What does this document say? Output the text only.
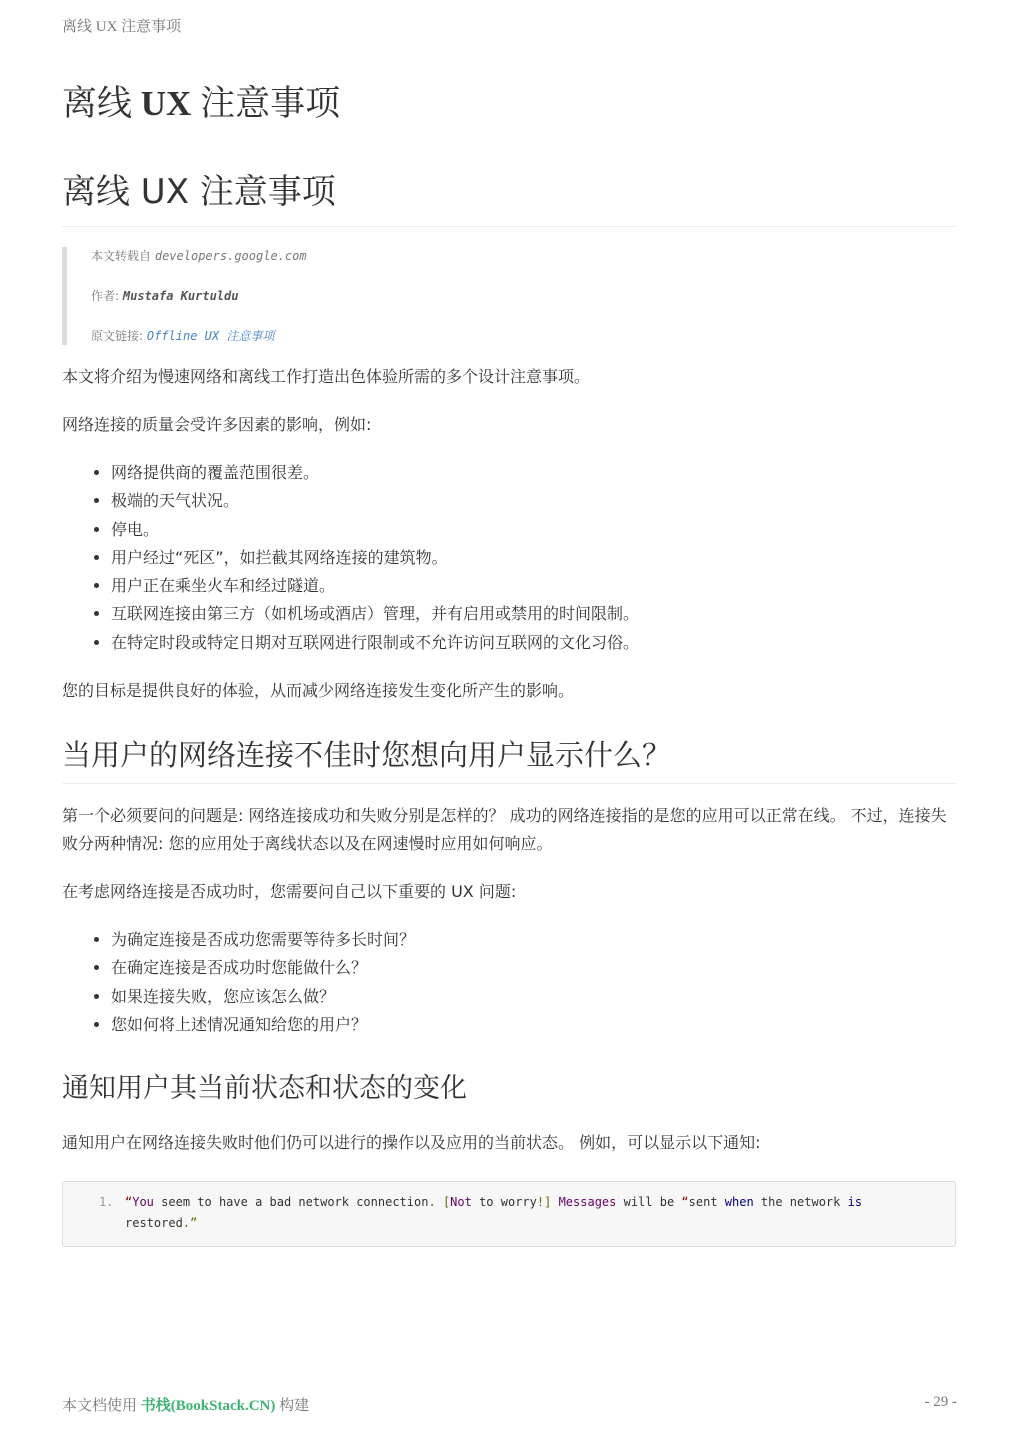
离线 UX 注意事项
离线 UX 注意事项
离线 UX 注意事项

本文转载自 developers.google.com

作者: Mustafa Kurtuldu

原文链接: Offline UX 注意事项

本文将介绍为慢速网络和离线工作打造出色体验所需的多个设计注意事项。

网络连接的质量会受许多因素的影响，例如:

• 网络提供商的覆盖范围很差。
• 极端的天气状况。
• 停电。
• 用户经过“死区”，如拦截其网络连接的建筑物。
• 用户正在乘坐火车和经过隧道。
• 互联网连接由第三方（如机场或酒店）管理，并有启用或禁用的时间限制。
• 在特定时段或特定日期对互联网进行限制或不允许访问互联网的文化习俗。

您的目标是提供良好的体验，从而减少网络连接发生变化所产生的影响。

当用户的网络连接不佳时您想向用户显示什么？

第一个必须要问的问题是: 网络连接成功和失败分别是怎样的？ 成功的网络连接指的是您的应用可以正常在线。 不过，连接失败分两种情况: 您的应用处于离线状态以及在网速慢时应用如何响应。

在考虑网络连接是否成功时，您需要问自己以下重要的 UX 问题:

• 为确定连接是否成功您需要等待多长时间？
• 在确定连接是否成功时您能做什么？
• 如果连接失败，您应该怎么做？
• 您如何将上述情况通知给您的用户？
通知用户其当前状态和状态的变化

通知用户在网络连接失败时他们仍可以进行的操作以及应用的当前状态。 例如，可以显示以下通知:

1. “You seem to have a bad network connection. [Not to worry!] Messages will be “sent when the network is restored.”
本文档使用 书栈(BookStack.CN) 构建	- 29 -
